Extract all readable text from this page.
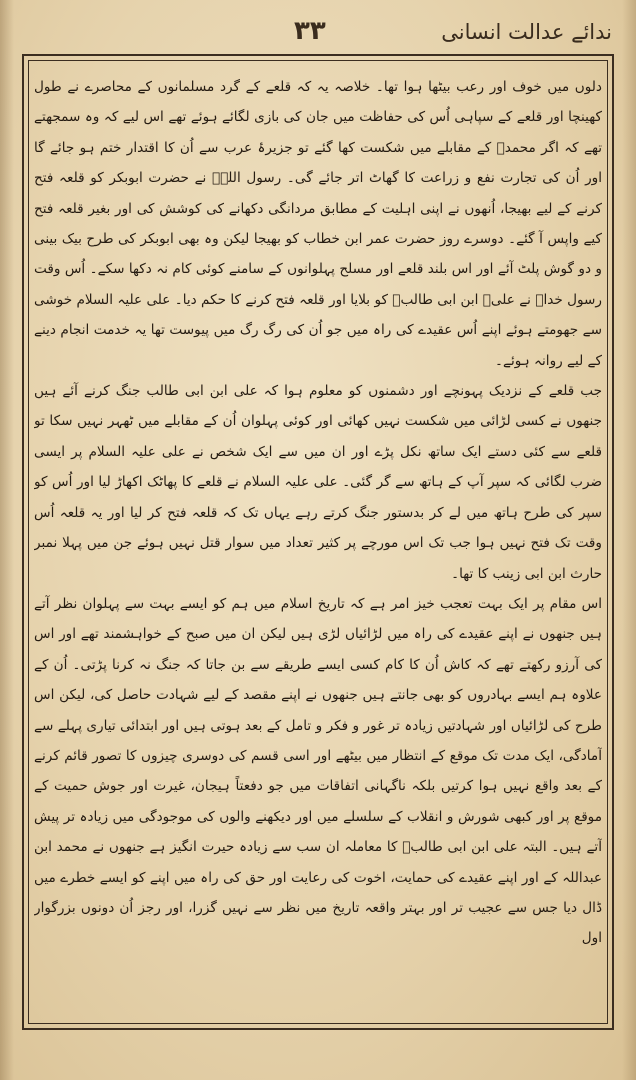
ندائے عدالت انسانی
۳۳

دلوں میں خوف اور رعب بیٹھا ہوا تھا۔ خلاصہ یہ کہ قلعے کے گرد مسلمانوں کے محاصرے نے طول کھینچا اور قلعے کے سپاہی اُس کی حفاظت میں جان کی بازی لگائے ہوئے تھے اس لیے کہ وہ سمجھتے تھے کہ اگر محمدؐ کے مقابلے میں شکست کھا گئے تو جزیرۂ عرب سے اُن کا اقتدار ختم ہو جائے گا اور اُن کی تجارت نفع و زراعت کا گھاٹ اتر جائے گی۔ رسول اللہؐ نے حضرت ابوبکر کو قلعہ فتح کرنے کے لیے بھیجا، اُنھوں نے اپنی اہلیت کے مطابق مردانگی دکھانے کی کوشش کی اور بغیر قلعہ فتح کیے واپس آ گئے۔ دوسرے روز حضرت عمر ابن خطاب کو بھیجا لیکن وہ بھی ابوبکر کی طرح بیک بینی و دو گوش پلٹ آئے اور اس بلند قلعے اور مسلح پہلوانوں کے سامنے کوئی کام نہ دکھا سکے۔ اُس وقت رسول خداؐ نے علیؑ ابن ابی طالبؑ کو بلایا اور قلعہ فتح کرنے کا حکم دیا۔ علی علیہ السلام خوشی سے جھومتے ہوئے اپنے اُس عقیدے کی راہ میں جو اُن کی رگ رگ میں پیوست تھا یہ خدمت انجام دینے کے لیے روانہ ہوئے۔

جب قلعے کے نزدیک پہونچے اور دشمنوں کو معلوم ہوا کہ علی ابن ابی طالب جنگ کرنے آئے ہیں جنھوں نے کسی لڑائی میں شکست نہیں کھائی اور کوئی پہلوان اُن کے مقابلے میں ٹھہر نہیں سکا تو قلعے سے کئی دستے ایک ساتھ نکل پڑے اور ان میں سے ایک شخص نے علی علیہ السلام پر ایسی ضرب لگائی کہ سپر آپ کے ہاتھ سے گر گئی۔ علی علیہ السلام نے قلعے کا پھاٹک اکھاڑ لیا اور اُس کو سپر کی طرح ہاتھ میں لے کر بدستور جنگ کرتے رہے یہاں تک کہ قلعہ فتح کر لیا اور یہ قلعہ اُس وقت تک فتح نہیں ہوا جب تک اس مورچے پر کثیر تعداد میں سوار قتل نہیں ہوئے جن میں پہلا نمبر حارث ابن ابی زینب کا تھا۔

اس مقام پر ایک بہت تعجب خیز امر ہے کہ تاریخ اسلام میں ہم کو ایسے بہت سے پہلوان نظر آتے ہیں جنھوں نے اپنے عقیدے کی راہ میں لڑائیاں لڑی ہیں لیکن ان میں صبح کے خواہشمند تھے اور اس کی آرزو رکھتے تھے کہ کاش اُن کا کام کسی ایسے طریقے سے بن جاتا کہ جنگ نہ کرنا پڑتی۔ اُن کے علاوہ ہم ایسے بہادروں کو بھی جانتے ہیں جنھوں نے اپنے مقصد کے لیے شہادت حاصل کی، لیکن اس طرح کی لڑائیاں اور شہادتیں زیادہ تر غور و فکر و تامل کے بعد ہوتی ہیں اور ابتدائی تیاری پہلے سے آمادگی، ایک مدت تک موقع کے انتظار میں بیٹھے اور اسی قسم کی دوسری چیزوں کا تصور قائم کرنے کے بعد واقع نہیں ہوا کرتیں بلکہ ناگہانی اتفاقات میں جو دفعتاً ہیجان، غیرت اور جوش حمیت کے موقع پر اور کبھی شورش و انقلاب کے سلسلے میں اور دیکھنے والوں کی موجودگی میں زیادہ تر پیش آتے ہیں۔ البتہ علی ابن ابی طالبؑ کا معاملہ ان سب سے زیادہ حیرت انگیز ہے جنھوں نے محمد ابن عبداللہ کے اور اپنے عقیدے کی حمایت، اخوت کی رعایت اور حق کی راہ میں اپنے کو ایسے خطرے میں ڈال دیا جس سے عجیب تر اور بہتر واقعہ تاریخ میں نظر سے نہیں گزرا، اور رجز اُن دونوں بزرگوار اول
